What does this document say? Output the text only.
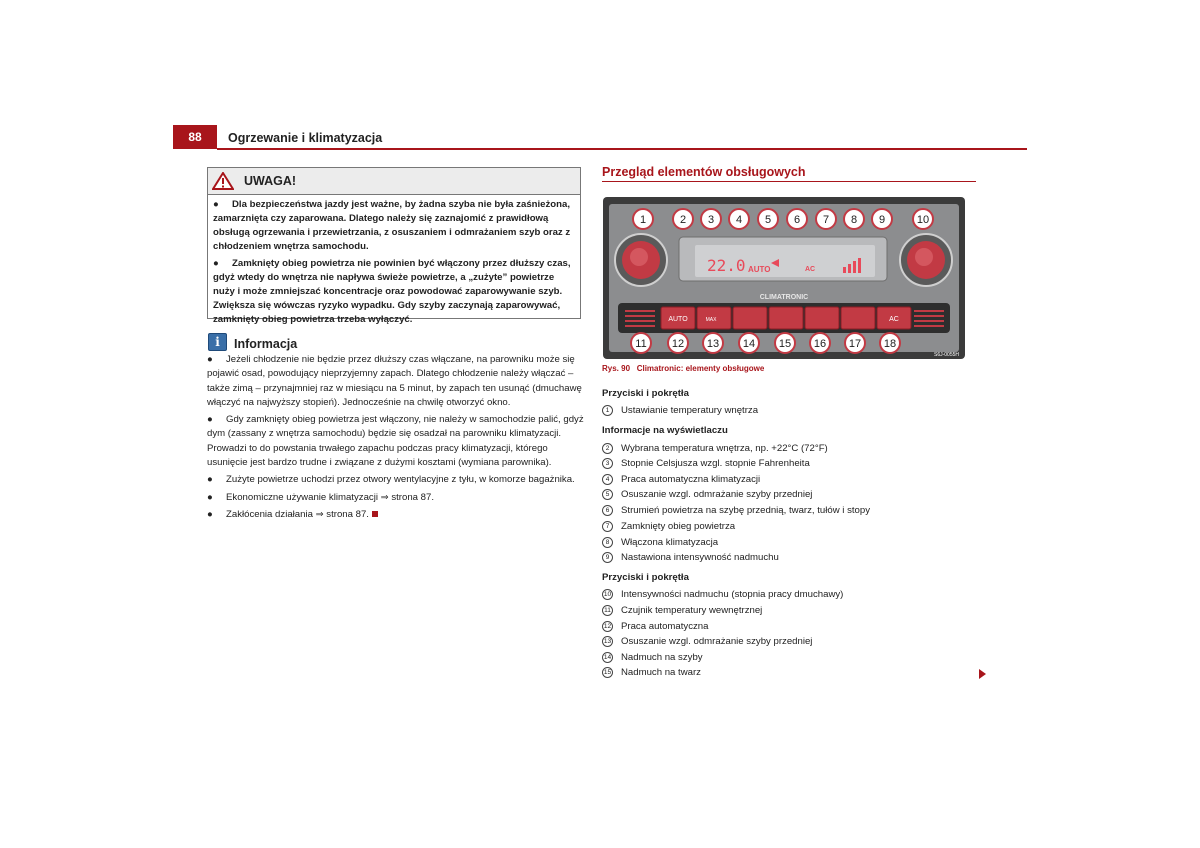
88	Ogrzewanie i klimatyzacja
UWAGA!

● Dla bezpieczeństwa jazdy jest ważne, by żadna szyba nie była zaśnieżona, zamarznięta czy zaparowana. Dlatego należy się zaznajomić z prawidłową obsługą ogrzewania i przewietrzania, z osuszaniem i odmrażaniem szyb oraz z chłodzeniem wnętrza samochodu.

● Zamknięty obieg powietrza nie powinien być włączony przez dłuższy czas, gdyż wtedy do wnętrza nie napływa świeże powietrze, a „zużyte” powietrze nuży i może zmniejszać koncentracje oraz powodować zaparowywanie szyb. Zwiększa się wówczas ryzyko wypadku. Gdy szyby zaczynają zaparowywać, zamknięty obieg powietrza trzeba wyłączyć.

i	Informacja

● Jeżeli chłodzenie nie będzie przez dłuższy czas włączane, na parowniku może się pojawić osad, powodujący nieprzyjemny zapach. Dlatego chłodzenie należy włączać – także zimą – przynajmniej raz w miesiącu na 5 minut, by zapach ten usunąć (dmuchawę włączyć na najwyższy stopień). Jednocześnie na chwilę otworzyć okno.

● Gdy zamknięty obieg powietrza jest włączony, nie należy w samochodzie palić, gdyż dym (zassany z wnętrza samochodu) będzie się osadzał na parowniku klimatyzacji. Prowadzi to do powstania trwałego zapachu podczas pracy klimatyzacji, którego usunięcie jest bardzo trudne i związane z dużymi kosztami (wymiana parownika).

● Zużyte powietrze uchodzi przez otwory wentylacyjne z tyłu, w komorze bagażnika.

● Ekonomiczne używanie klimatyzacji ⇒ strona 87.

● Zakłócenia działania ⇒ strona 87.

Przegląd elementów obsługowych
22.0 AUTO	AC
CLIMATRONIC
AUTO	MAX	AC
S6J-0055H
1	2 3 4 5 6 7 8 9	10
11 12 13 14 15 16 17 18
Rys. 90 Climatronic: elementy obsługowe
Przyciski i pokrętła
1	Ustawianie temperatury wnętrza
Informacje na wyświetlaczu
2	Wybrana temperatura wnętrza, np. +22°C (72°F)
3	Stopnie Celsjusza wzgl. stopnie Fahrenheita
4	Praca automatyczna klimatyzacji
5	Osuszanie wzgl. odmrażanie szyby przedniej
6	Strumień powietrza na szybę przednią, twarz, tułów i stopy
7	Zamknięty obieg powietrza
8	Włączona klimatyzacja
9	Nastawiona intensywność nadmuchu
Przyciski i pokrętła
10 Intensywności nadmuchu (stopnia pracy dmuchawy)
11 Czujnik temperatury wewnętrznej
12 Praca automatyczna
13 Osuszanie wzgl. odmrażanie szyby przedniej
14 Nadmuch na szyby
15 Nadmuch na twarz
